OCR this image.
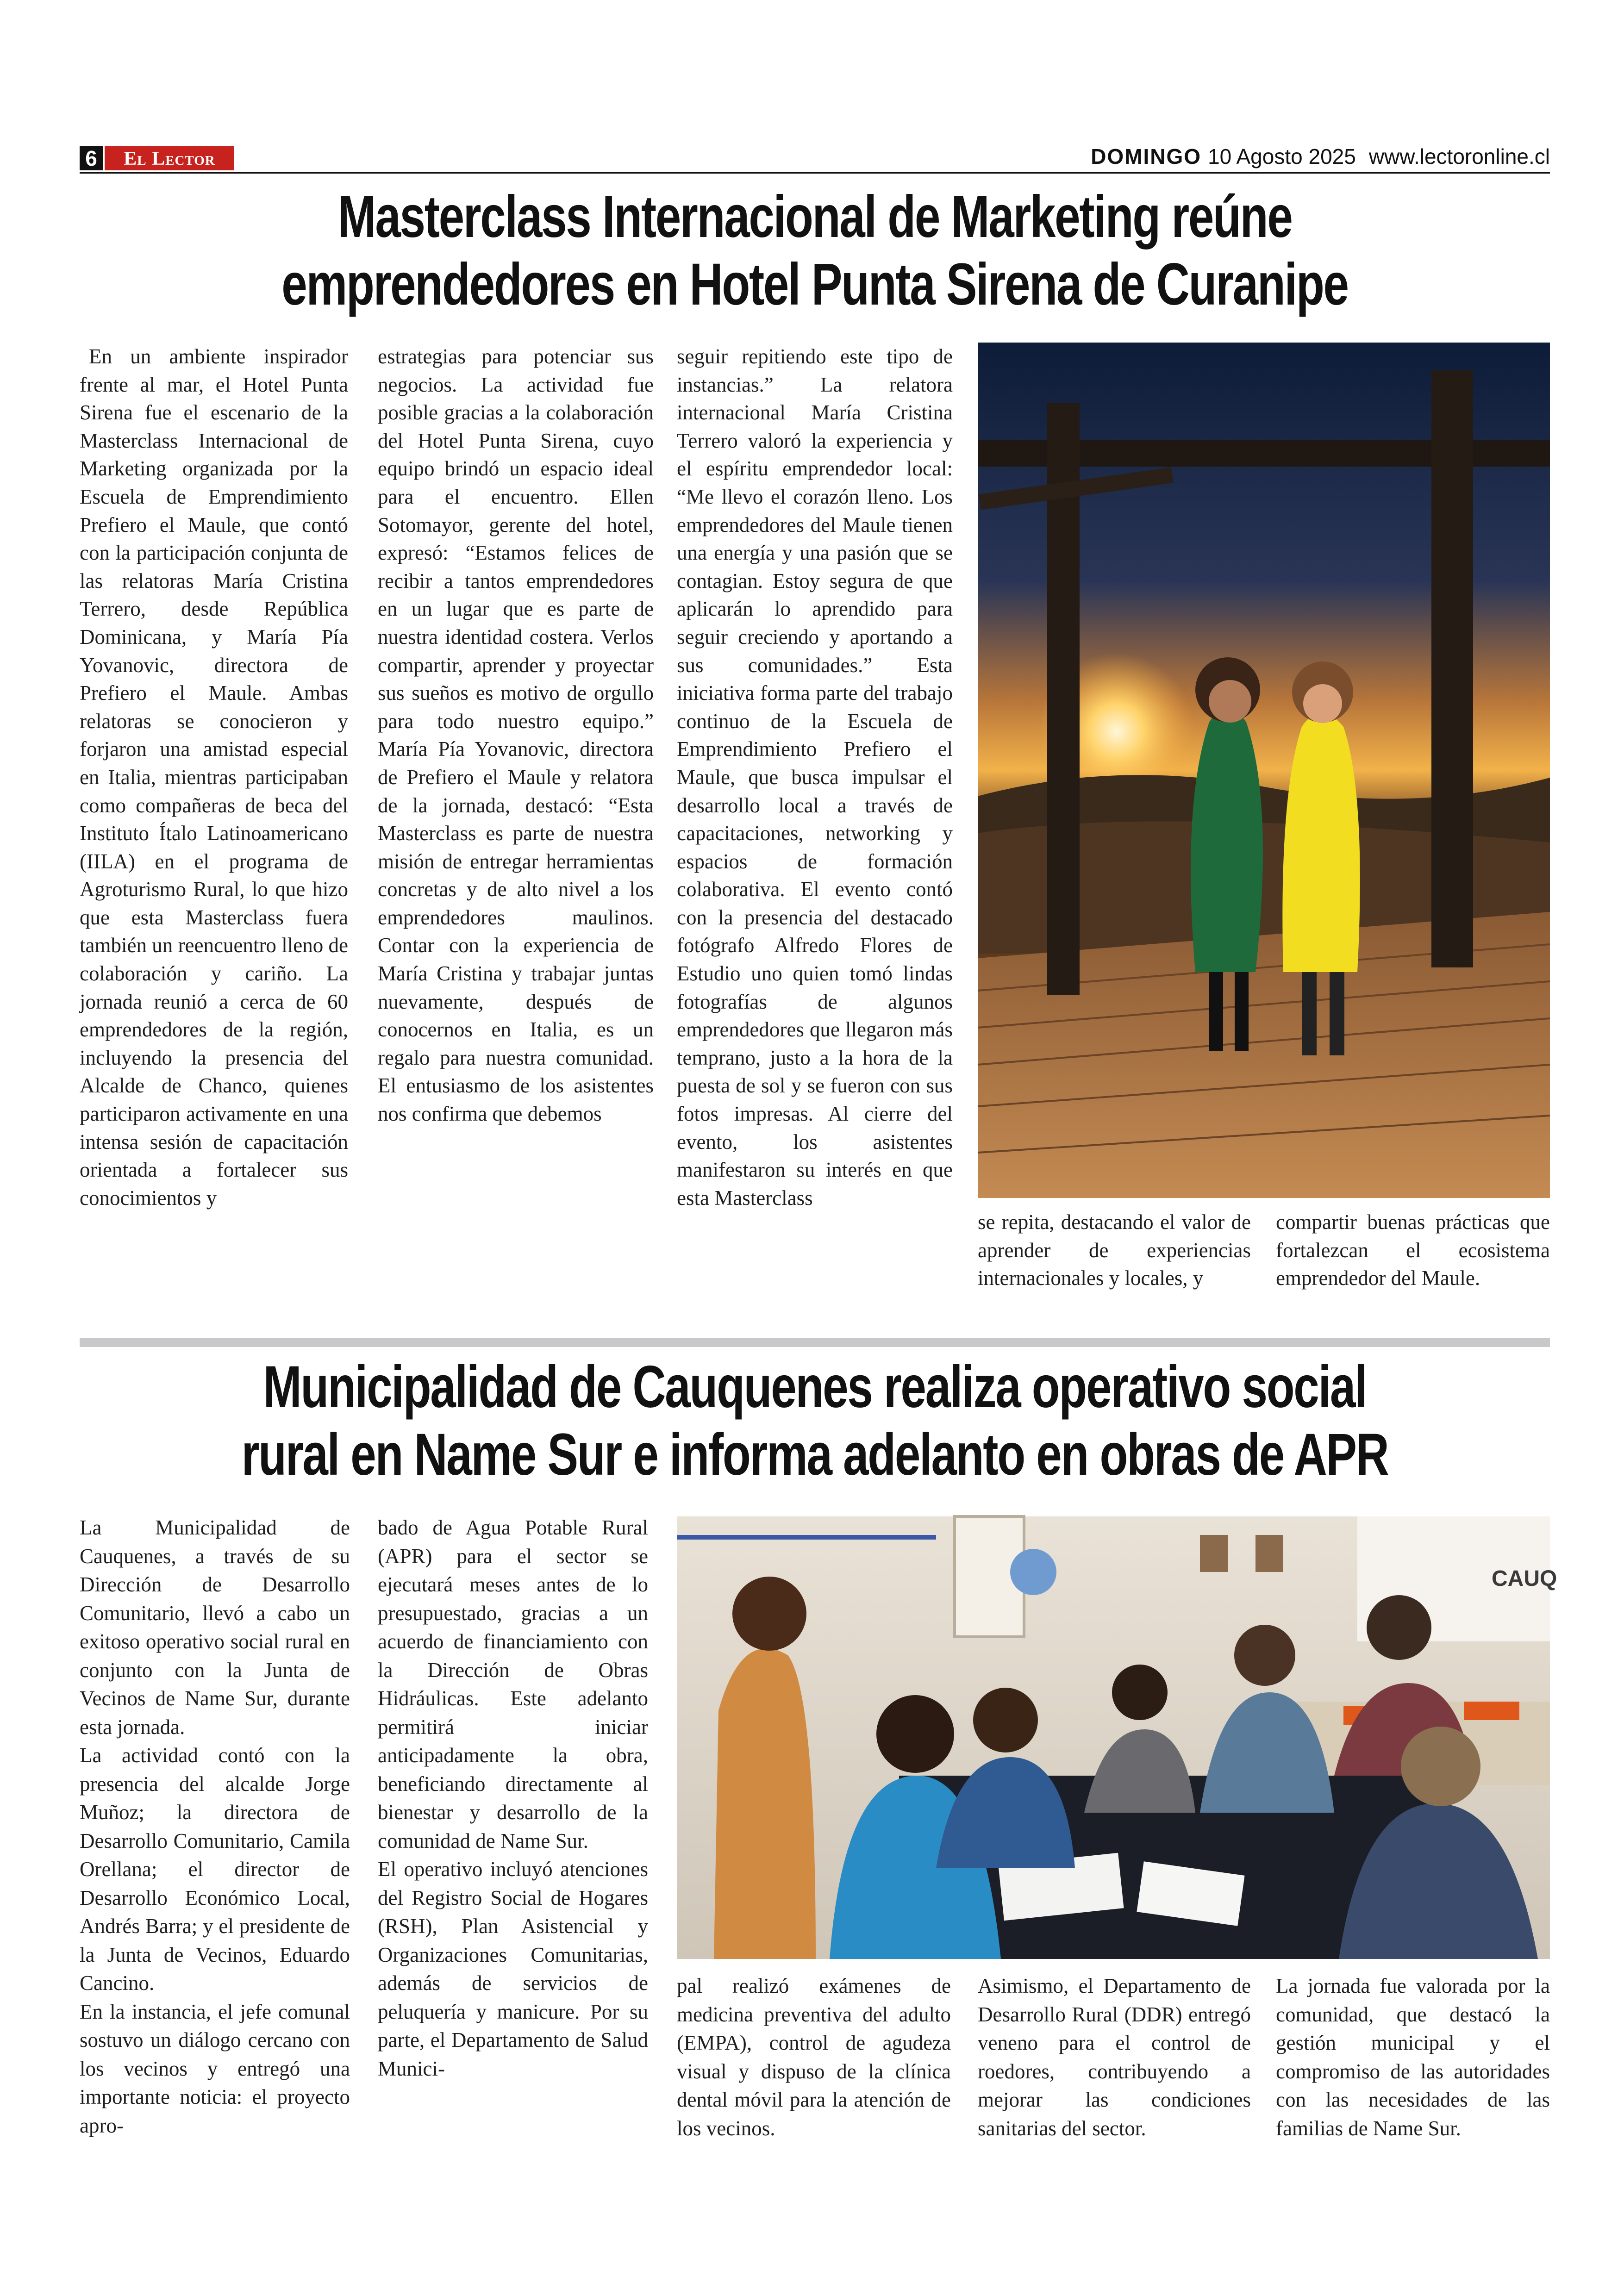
6	El Lector	DOMINGO 10 Agosto 2025 www.lectoronline.cl
Masterclass Internacional de Marketing reúne
emprendedores en Hotel Punta Sirena de Curanipe

En un ambiente inspirador frente al mar, el Hotel Punta Sirena fue el escenario de la Masterclass Internacional de Marketing organizada por la Escuela de Emprendimiento Prefiero el Maule, que contó con la participación conjunta de las relatoras María Cristina Terrero, desde República Dominicana, y María Pía Yovanovic, directora de Prefiero el Maule. Ambas relatoras se conocieron y forjaron una amistad especial en Italia, mientras participaban como compañeras de beca del Instituto Ítalo Latinoamericano (IILA) en el programa de Agroturismo Rural, lo que hizo que esta Masterclass fuera también un reencuentro lleno de colaboración y cariño. La jornada reunió a cerca de 60 emprendedores de la región, incluyendo la presencia del Alcalde de Chanco, quienes participaron activamente en una intensa sesión de capacitación orientada a fortalecer sus conocimientos y

estrategias para potenciar sus negocios. La actividad fue posible gracias a la colaboración del Hotel Punta Sirena, cuyo equipo brindó un espacio ideal para el encuentro. Ellen Sotomayor, gerente del hotel, expresó: “Estamos felices de recibir a tantos emprendedores en un lugar que es parte de nuestra identidad costera. Verlos compartir, aprender y proyectar sus sueños es motivo de orgullo para todo nuestro equipo.” María Pía Yovanovic, directora de Prefiero el Maule y relatora de la jornada, destacó: “Esta Masterclass es parte de nuestra misión de entregar herramientas concretas y de alto nivel a los emprendedores maulinos. Contar con la experiencia de María Cristina y trabajar juntas nuevamente, después de conocernos en Italia, es un regalo para nuestra comunidad. El entusiasmo de los asistentes nos confirma que debemos

seguir repitiendo este tipo de instancias.” La relatora internacional María Cristina Terrero valoró la experiencia y el espíritu emprendedor local: “Me llevo el corazón lleno. Los emprendedores del Maule tienen una energía y una pasión que se contagian. Estoy segura de que aplicarán lo aprendido para seguir creciendo y aportando a sus comunidades.” Esta iniciativa forma parte del trabajo continuo de la Escuela de Emprendimiento Prefiero el Maule, que busca impulsar el desarrollo local a través de capacitaciones, networking y espacios de formación colaborativa. El evento contó con la presencia del destacado fotógrafo Alfredo Flores de Estudio uno quien tomó lindas fotografías de algunos emprendedores que llegaron más temprano, justo a la hora de la puesta de sol y se fueron con sus fotos impresas. Al cierre del evento, los asistentes manifestaron su interés en que esta Masterclass

se repita, destacando el valor de aprender de experiencias internacionales y locales, y

compartir buenas prácticas que fortalezcan el ecosistema emprendedor del Maule.

Municipalidad de Cauquenes realiza operativo social
rural en Name Sur e informa adelanto en obras de APR

La Municipalidad de Cauquenes, a través de su Dirección de Desarrollo Comunitario, llevó a cabo un exitoso operativo social rural en conjunto con la Junta de Vecinos de Name Sur, durante esta jornada.

La actividad contó con la presencia del alcalde Jorge Muñoz; la directora de Desarrollo Comunitario, Camila Orellana; el director de Desarrollo Económico Local, Andrés Barra; y el presidente de la Junta de Vecinos, Eduardo Cancino.

En la instancia, el jefe comunal sostuvo un diálogo cercano con los vecinos y entregó una importante noticia: el proyecto apro-

bado de Agua Potable Rural (APR) para el sector se ejecutará meses antes de lo presupuestado, gracias a un acuerdo de financiamiento con la Dirección de Obras Hidráulicas. Este adelanto permitirá iniciar anticipadamente la obra, beneficiando directamente al bienestar y desarrollo de la comunidad de Name Sur.

El operativo incluyó atenciones del Registro Social de Hogares (RSH), Plan Asistencial y Organizaciones Comunitarias, además de servicios de peluquería y manicure. Por su parte, el Departamento de Salud Munici-

CAUQ

pal realizó exámenes de medicina preventiva del adulto (EMPA), control de agudeza visual y dispuso de la clínica dental móvil para la atención de los vecinos.

Asimismo, el Departamento de Desarrollo Rural (DDR) entregó veneno para el control de roedores, contribuyendo a mejorar las condiciones sanitarias del sector.

La jornada fue valorada por la comunidad, que destacó la gestión municipal y el compromiso de las autoridades con las necesidades de las familias de Name Sur.
